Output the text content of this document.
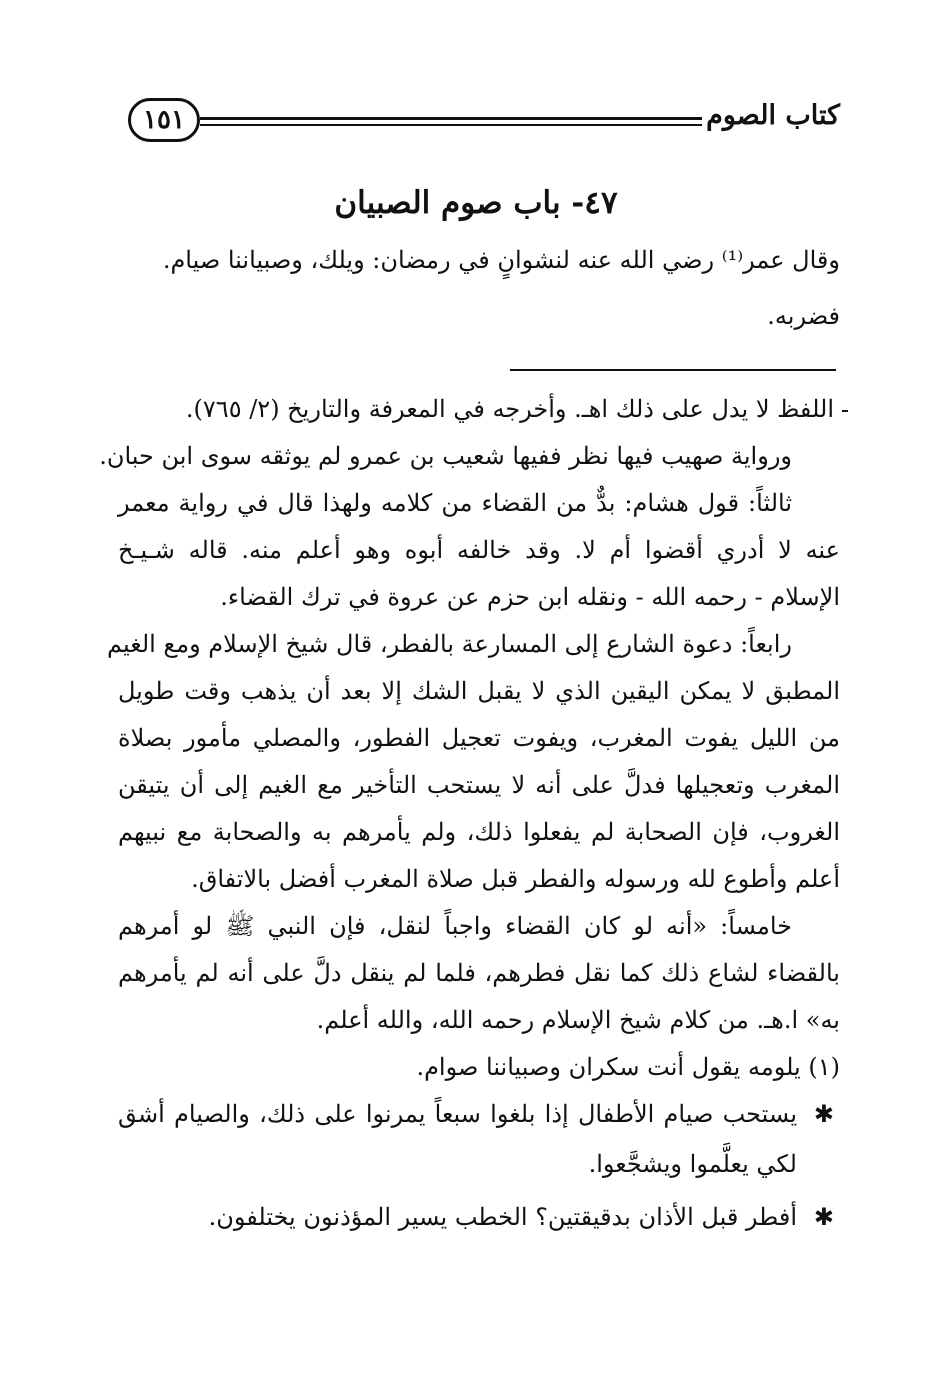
كتاب الصوم
١٥١
٤٧- باب صوم الصبيان
وقال عمر⁽¹⁾ رضي الله عنه لنشوانٍ في رمضان: ويلك، وصبياننا صيام.
فضربه.
اللفظ لا يدل على ذلك اهـ. وأخرجه في المعرفة والتاريخ (٢/ ٧٦٥).
ورواية صهيب فيها نظر ففيها شعيب بن عمرو لم يوثقه سوى ابن حبان.
ثالثاً: قول هشام: بدٌّ من القضاء من كلامه ولهذا قال في رواية معمر
عنه لا أدري أقضوا أم لا. وقد خالفه أبوه وهو أعلم منه. قاله شـيـخ
الإسلام - رحمه الله - ونقله ابن حزم عن عروة في ترك القضاء.
رابعاً: دعوة الشارع إلى المسارعة بالفطر، قال شيخ الإسلام ومع الغيم
المطبق لا يمكن اليقين الذي لا يقبل الشك إلا بعد أن يذهب وقت طويل
من الليل يفوت المغرب، ويفوت تعجيل الفطور، والمصلي مأمور بصلاة
المغرب وتعجيلها فدلَّ على أنه لا يستحب التأخير مع الغيم إلى أن يتيقن
الغروب، فإن الصحابة لم يفعلوا ذلك، ولم يأمرهم به والصحابة مع نبيهم
أعلم وأطوع لله ورسوله والفطر قبل صلاة المغرب أفضل بالاتفاق.
خامساً: «أنه لو كان القضاء واجباً لنقل، فإن النبي ﷺ لو أمرهم
بالقضاء لشاع ذلك كما نقل فطرهم، فلما لم ينقل دلَّ على أنه لم يأمرهم
به» ا.هـ. من كلام شيخ الإسلام رحمه الله، والله أعلم.
(١) يلومه يقول أنت سكران وصبياننا صوام.
✱
يستحب صيام الأطفال إذا بلغوا سبعاً يمرنوا على ذلك، والصيام أشق
لكي يعلَّموا ويشجَّعوا.
✱
أفطر قبل الأذان بدقيقتين؟ الخطب يسير المؤذنون يختلفون.
